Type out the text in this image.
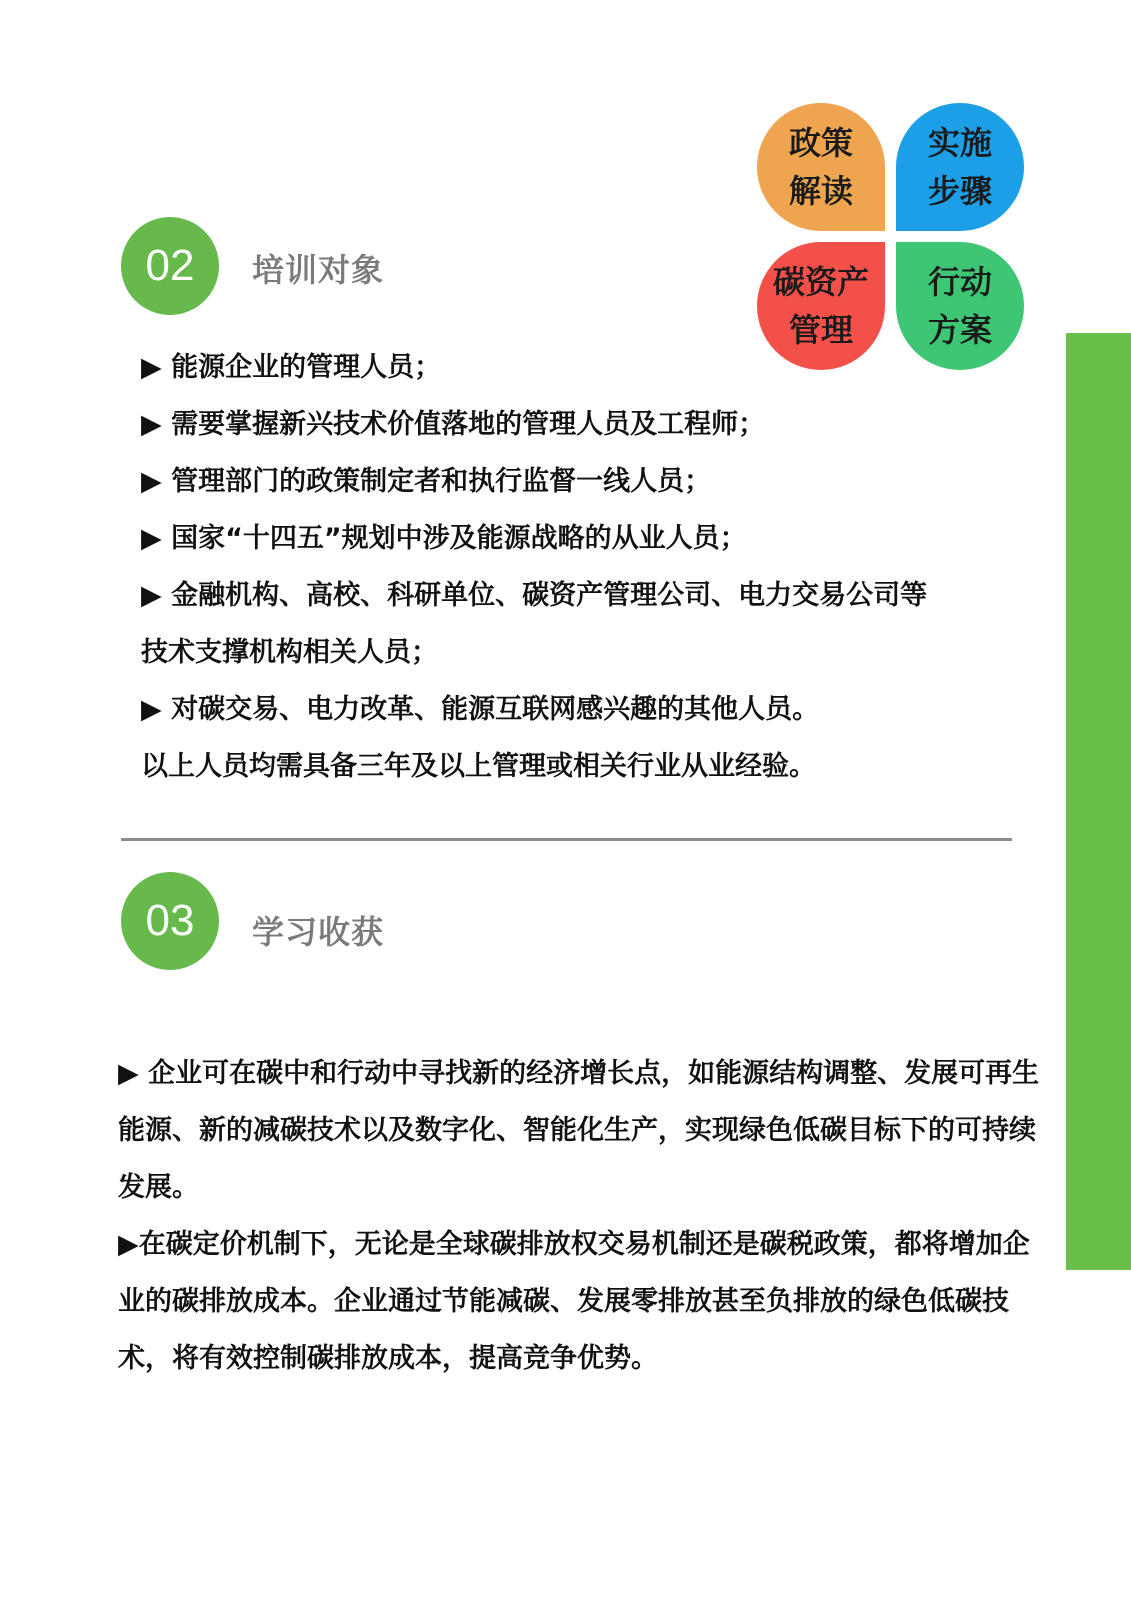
政策
解读
实施
步骤
碳资产
管理
行动
方案
02	培训对象
▶ 能源企业的管理人员；
▶ 需要掌握新兴技术价值落地的管理人员及工程师；
▶ 管理部门的政策制定者和执行监督一线人员；
▶ 国家“十四五”规划中涉及能源战略的从业人员；
▶ 金融机构、高校、科研单位、碳资产管理公司、电力交易公司等
技术支撑机构相关人员；
▶ 对碳交易、电力改革、能源互联网感兴趣的其他人员。
以上人员均需具备三年及以上管理或相关行业从业经验。
03	学习收获

▶ 企业可在碳中和行动中寻找新的经济增长点，如能源结构调整、发展可再生能源、新的减碳技术以及数字化、智能化生产，实现绿色低碳目标下的可持续发展。

▶在碳定价机制下，无论是全球碳排放权交易机制还是碳税政策，都将增加企业的碳排放成本。企业通过节能减碳、发展零排放甚至负排放的绿色低碳技术，将有效控制碳排放成本，提高竞争优势。
